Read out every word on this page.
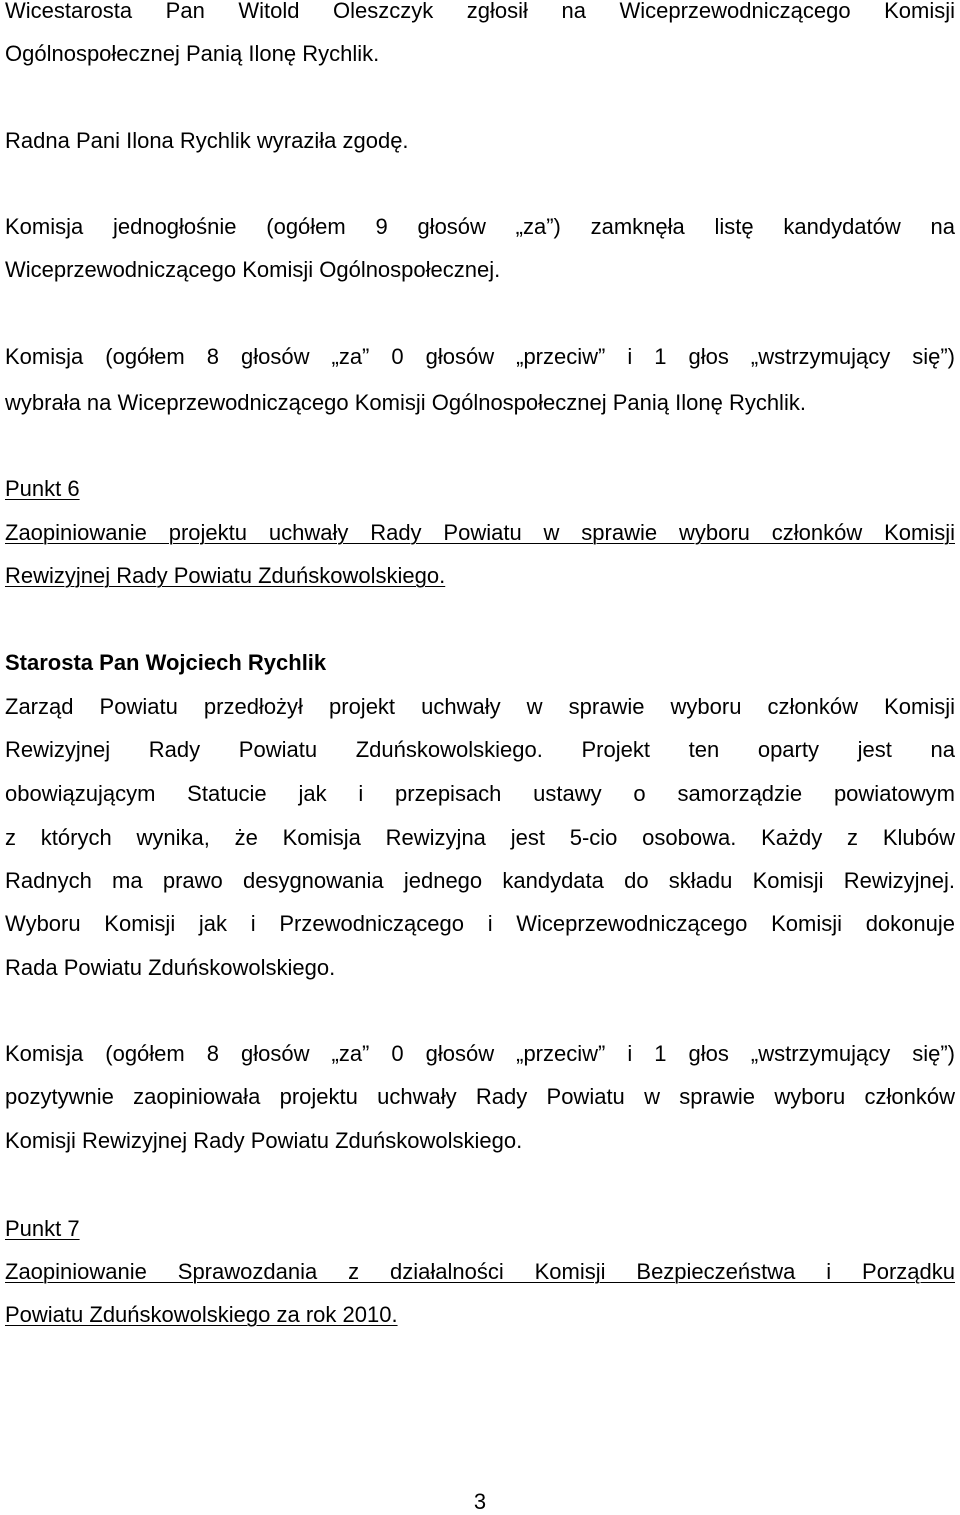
Wicestarosta Pan Witold Oleszczyk zgłosił na Wiceprzewodniczącego Komisji
Ogólnospołecznej Panią Ilonę Rychlik.
Radna Pani Ilona Rychlik wyraziła zgodę.
Komisja jednogłośnie (ogółem 9 głosów „za”) zamknęła listę kandydatów na
Wiceprzewodniczącego Komisji Ogólnospołecznej.
Komisja (ogółem 8 głosów „za” 0 głosów „przeciw” i 1 głos „wstrzymujący się”)
wybrała na Wiceprzewodniczącego Komisji Ogólnospołecznej Panią Ilonę Rychlik.
Punkt 6
Zaopiniowanie projektu uchwały Rady Powiatu w sprawie wyboru członków Komisji
Rewizyjnej Rady Powiatu Zduńskowolskiego.
Starosta Pan Wojciech Rychlik
Zarząd Powiatu przedłożył projekt uchwały w sprawie wyboru członków Komisji
Rewizyjnej Rady Powiatu Zduńskowolskiego. Projekt ten oparty jest na
obowiązującym Statucie jak i przepisach ustawy o samorządzie powiatowym
z których wynika, że Komisja Rewizyjna jest 5-cio osobowa. Każdy z Klubów
Radnych ma prawo desygnowania jednego kandydata do składu Komisji Rewizyjnej.
Wyboru Komisji jak i Przewodniczącego i Wiceprzewodniczącego Komisji dokonuje
Rada Powiatu Zduńskowolskiego.
Komisja (ogółem 8 głosów „za” 0 głosów „przeciw” i 1 głos „wstrzymujący się”)
pozytywnie zaopiniowała projektu uchwały Rady Powiatu w sprawie wyboru członków
Komisji Rewizyjnej Rady Powiatu Zduńskowolskiego.
Punkt 7
Zaopiniowanie Sprawozdania z działalności Komisji Bezpieczeństwa i Porządku
Powiatu Zduńskowolskiego za rok 2010.
3
